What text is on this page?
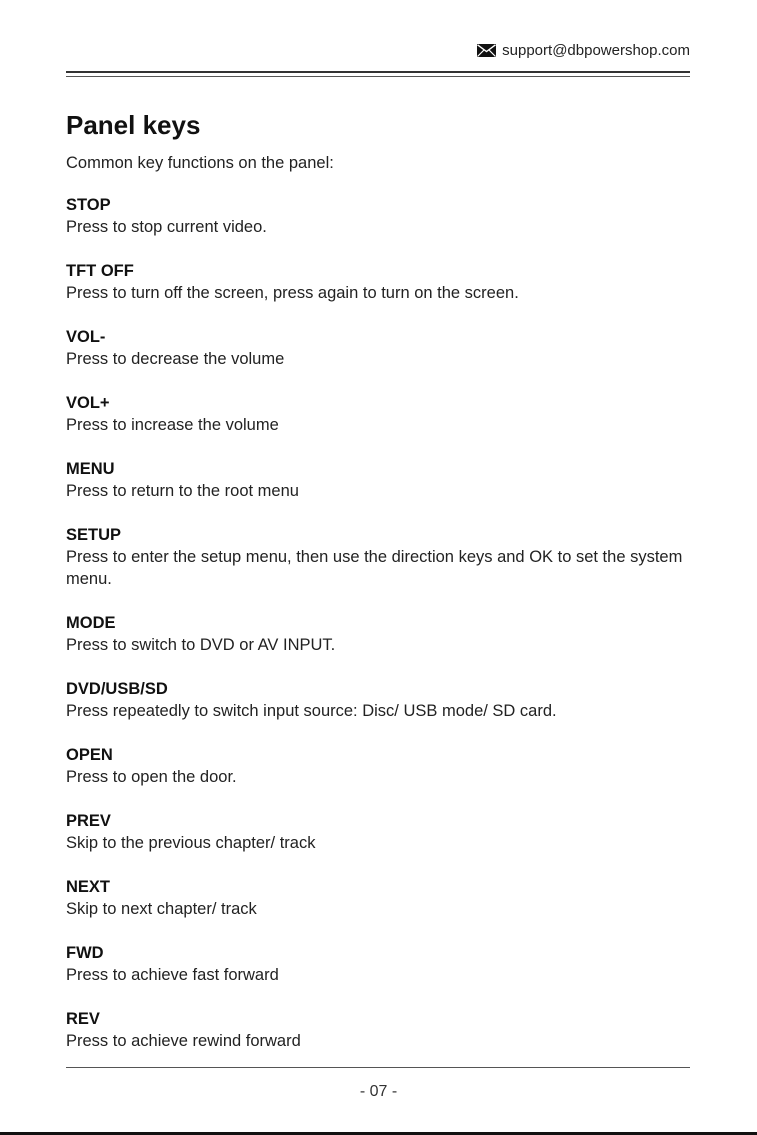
support@dbpowershop.com
Panel keys
Common key functions on the panel:
STOP
Press to stop current video.
TFT OFF
Press to turn off the screen, press again to turn on the screen.
VOL-
Press to decrease the volume
VOL+
Press to increase the volume
MENU
Press to return to the root menu
SETUP
Press to enter the setup menu, then use the direction keys and OK to set the system menu.
MODE
Press to switch to DVD or AV INPUT.
DVD/USB/SD
Press repeatedly to switch input source: Disc/ USB mode/ SD card.
OPEN
Press to open the door.
PREV
Skip to the previous chapter/ track
NEXT
Skip to next chapter/ track
FWD
Press to achieve fast forward
REV
Press to achieve rewind forward
- 07 -
